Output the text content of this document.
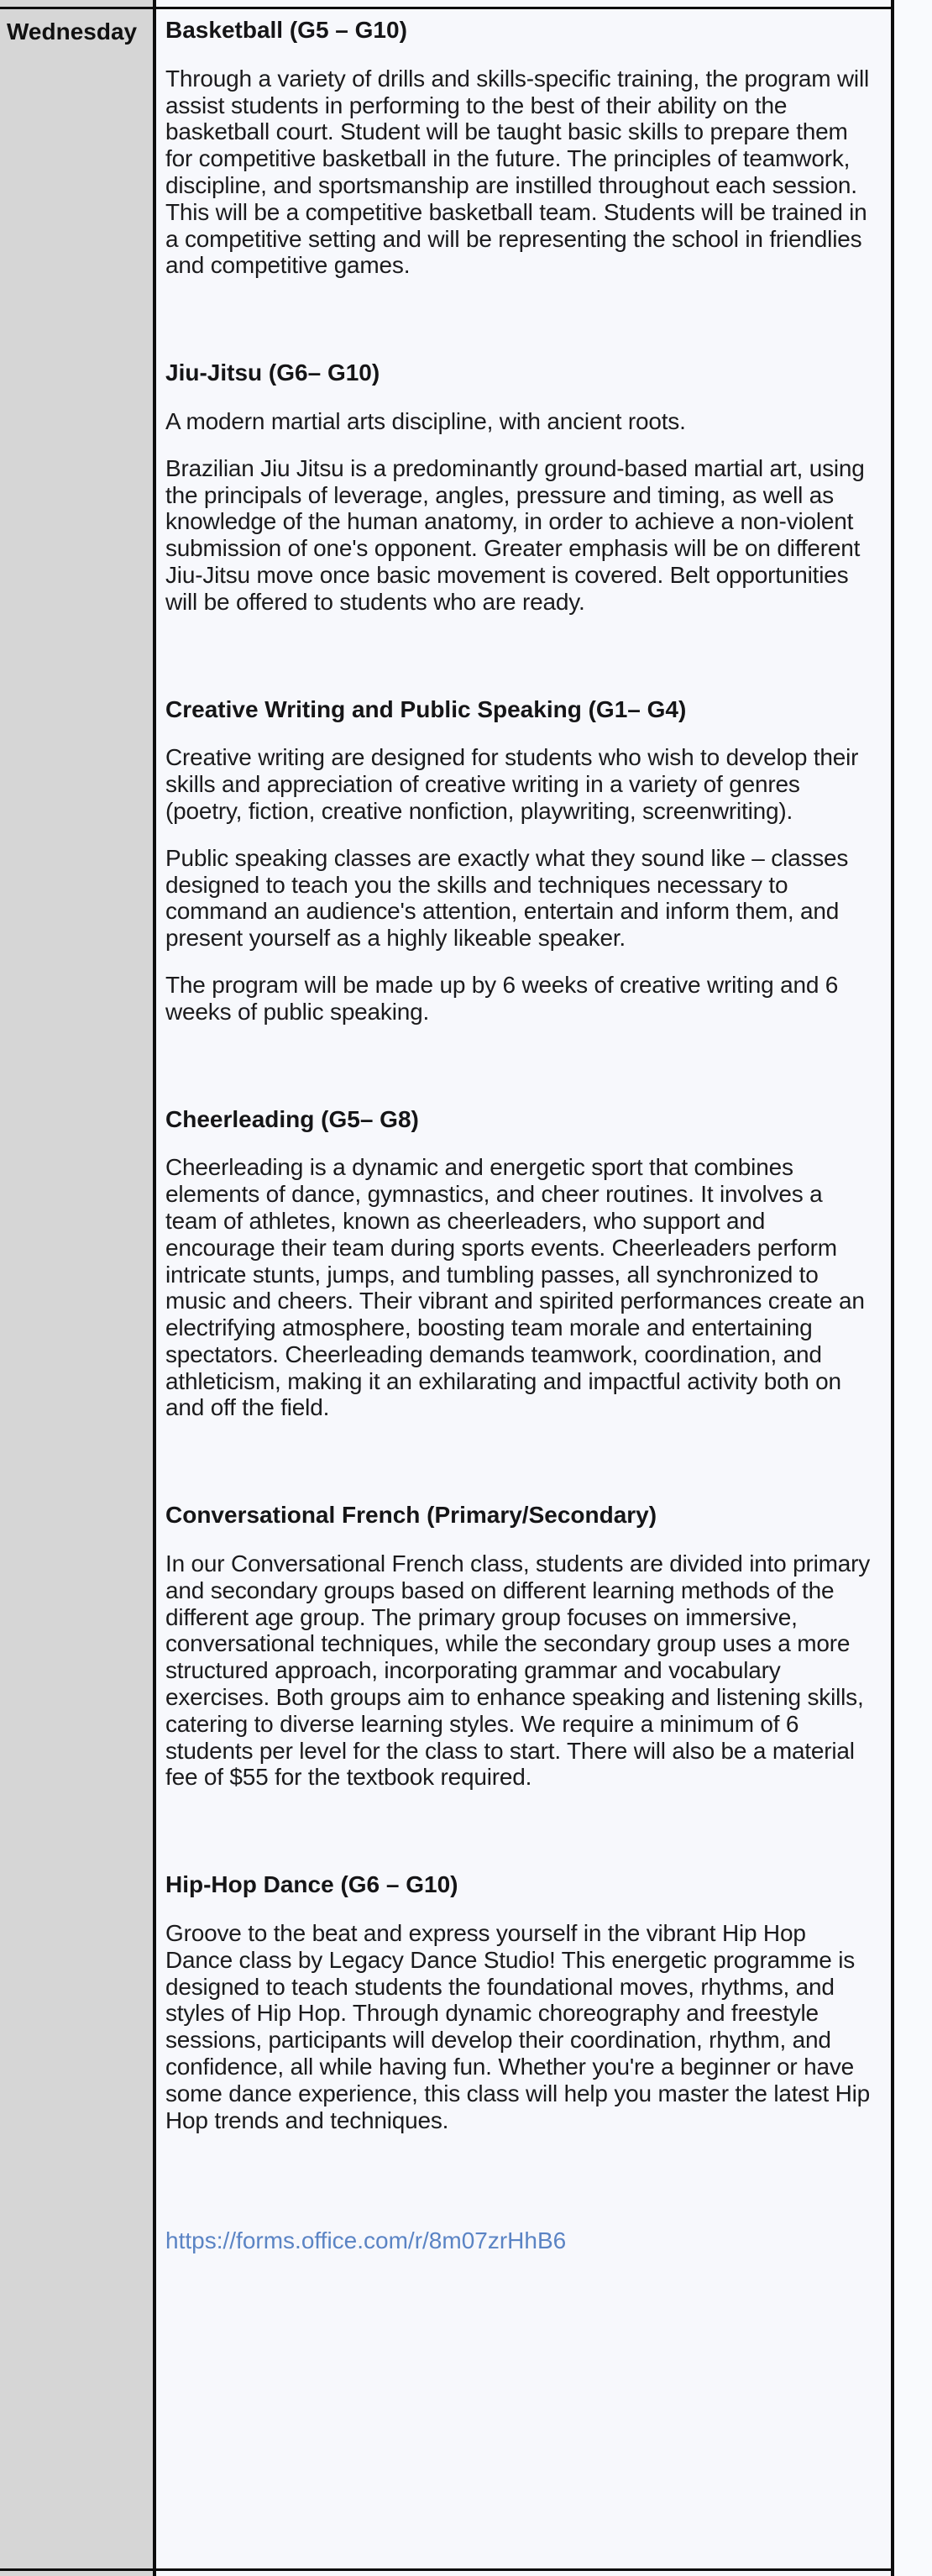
Wednesday	Basketball (G5 – G10)

Through a variety of drills and skills-specific training, the program will assist students in performing to the best of their ability on the basketball court. Student will be taught basic skills to prepare them for competitive basketball in the future. The principles of teamwork, discipline, and sportsmanship are instilled throughout each session. This will be a competitive basketball team. Students will be trained in a competitive setting and will be representing the school in friendlies and competitive games.

Jiu-Jitsu (G6– G10)

A modern martial arts discipline, with ancient roots.

Brazilian Jiu Jitsu is a predominantly ground-based martial art, using the principals of leverage, angles, pressure and timing, as well as knowledge of the human anatomy, in order to achieve a non-violent submission of one's opponent. Greater emphasis will be on different Jiu-Jitsu move once basic movement is covered. Belt opportunities will be offered to students who are ready.

Creative Writing and Public Speaking (G1– G4)

Creative writing are designed for students who wish to develop their skills and appreciation of creative writing in a variety of genres (poetry, fiction, creative nonfiction, playwriting, screenwriting).

Public speaking classes are exactly what they sound like – classes designed to teach you the skills and techniques necessary to command an audience's attention, entertain and inform them, and present yourself as a highly likeable speaker.

The program will be made up by 6 weeks of creative writing and 6 weeks of public speaking.

Cheerleading (G5– G8)

Cheerleading is a dynamic and energetic sport that combines elements of dance, gymnastics, and cheer routines. It involves a team of athletes, known as cheerleaders, who support and encourage their team during sports events. Cheerleaders perform intricate stunts, jumps, and tumbling passes, all synchronized to music and cheers. Their vibrant and spirited performances create an electrifying atmosphere, boosting team morale and entertaining spectators. Cheerleading demands teamwork, coordination, and athleticism, making it an exhilarating and impactful activity both on and off the field.

Conversational French (Primary/Secondary)

In our Conversational French class, students are divided into primary and secondary groups based on different learning methods of the different age group. The primary group focuses on immersive, conversational techniques, while the secondary group uses a more structured approach, incorporating grammar and vocabulary exercises. Both groups aim to enhance speaking and listening skills, catering to diverse learning styles. We require a minimum of 6 students per level for the class to start. There will also be a material fee of $55 for the textbook required.

Hip-Hop Dance (G6 – G10)

Groove to the beat and express yourself in the vibrant Hip Hop Dance class by Legacy Dance Studio! This energetic programme is designed to teach students the foundational moves, rhythms, and styles of Hip Hop. Through dynamic choreography and freestyle sessions, participants will develop their coordination, rhythm, and confidence, all while having fun. Whether you're a beginner or have some dance experience, this class will help you master the latest Hip Hop trends and techniques.

https://forms.office.com/r/8m07zrHhB6
